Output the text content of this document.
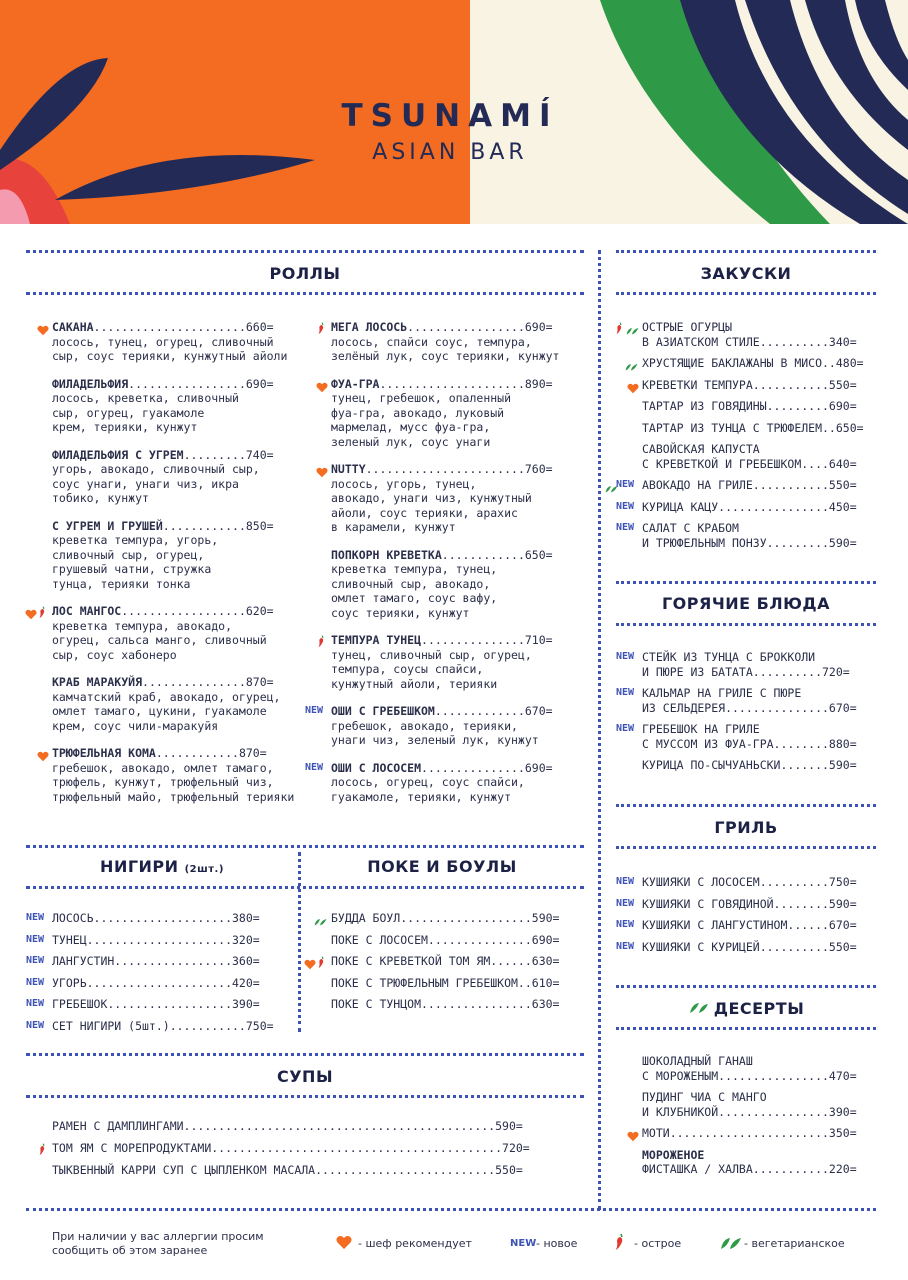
TSUNAMÍ
ASIAN BAR
РОЛЛЫ	ЗАКУСКИ
ГОРЯЧИЕ БЛЮДА
ГРИЛЬ
НИГИРИ (2шт.)	ПОКЕ И БОУЛЫ
СУПЫ
ДЕСЕРТЫ
САКАНА......................660=
лосось, тунец, огурец, сливочный
сыр, соус терияки, кунжутный айоли
ФИЛАДЕЛЬФИЯ.................690=
лосось, креветка, сливочный
сыр, огурец, гуакамоле
крем, терияки, кунжут
ФИЛАДЕЛЬФИЯ С УГРЕМ.........740=
угорь, авокадо, сливочный сыр,
соус унаги, унаги чиз, икра
тобико, кунжут
С УГРЕМ И ГРУШЕЙ............850=
креветка темпура, угорь,
сливочный сыр, огурец,
грушевый чатни, стружка
тунца, терияки тонка
ЛОС МАНГОС..................620=
креветка темпура, авокадо,
огурец, сальса манго, сливочный
сыр, соус хабонеро
КРАБ МАРАКУЙЯ...............870=
камчатский краб, авокадо, огурец,
омлет тамаго, цукини, гуакамоле
крем, соус чили-маракуйя
ТРЮФЕЛЬНАЯ КОМА............870=
гребешок, авокадо, омлет тамаго,
трюфель, кунжут, трюфельный чиз,
трюфельный майо, трюфельный терияки
МЕГА ЛОСОСЬ.................690=
лосось, спайси соус, темпура,
зелёный лук, соус терияки, кунжут
ФУА-ГРА.....................890=
тунец, гребешок, опаленный
фуа-гра, авокадо, луковый
мармелад, мусс фуа-гра,
зеленый лук, соус унаги
NUTTY.......................760=
лосось, угорь, тунец,
авокадо, унаги чиз, кунжутный
айоли, соус терияки, арахис
в карамели, кунжут
ПОПКОРН КРЕВЕТКА............650=
креветка темпура, тунец,
сливочный сыр, авокадо,
омлет тамаго, соус вафу,
соус терияки, кунжут
ТЕМПУРА ТУНЕЦ...............710=
тунец, сливочный сыр, огурец,
темпура, соусы спайси,
кунжутный айоли, терияки
NEW ОШИ С ГРЕБЕШКОМ.............670=
гребешок, авокадо, терияки,
унаги чиз, зеленый лук, кунжут
NEW ОШИ С ЛОСОСЕМ...............690=
лосось, огурец, соус спайси,
гуакамоле, терияки, кунжут
NEW ЛОСОСЬ....................380=
NEW ТУНЕЦ.....................320=
NEW ЛАНГУСТИН.................360=
NEW УГОРЬ.....................420=
NEW ГРЕБЕШОК..................390=
NEW СЕТ НИГИРИ (5шт.)...........750=
БУДДА БОУЛ...................590=
ПОКЕ С ЛОСОСЕМ...............690=
ПОКЕ С КРЕВЕТКОЙ ТОМ ЯМ......630=
ПОКЕ С ТРЮФЕЛЬНЫМ ГРЕБЕШКОМ..610=
ПОКЕ С ТУНЦОМ................630=
РАМЕН С ДАМПЛИНГАМИ.............................................590=
ТОМ ЯМ С МОРЕПРОДУКТАМИ..........................................720=
ТЫКВЕННЫЙ КАРРИ СУП С ЦЫПЛЕНКОМ МАСАЛА..........................550=
ОСТРЫЕ ОГУРЦЫ
В АЗИАТСКОМ СТИЛЕ..........340=
ХРУСТЯЩИЕ БАКЛАЖАНЫ В МИСО..480=
КРЕВЕТКИ ТЕМПУРА...........550=
ТАРТАР ИЗ ГОВЯДИНЫ.........690=
ТАРТАР ИЗ ТУНЦА С ТРЮФЕЛЕМ..650=
САВОЙСКАЯ КАПУСТА
С КРЕВЕТКОЙ И ГРЕБЕШКОМ....640=
NEW АВОКАДО НА ГРИЛЕ...........550=
NEW КУРИЦА КАЦУ................450=
NEW САЛАТ С КРАБОМ
И ТРЮФЕЛЬНЫМ ПОНЗУ.........590=
NEW СТЕЙК ИЗ ТУНЦА С БРОККОЛИ
И ПЮРЕ ИЗ БАТАТА..........720=
NEW КАЛЬМАР НА ГРИЛЕ С ПЮРЕ
ИЗ СЕЛЬДЕРЕЯ...............670=
NEW ГРЕБЕШОК НА ГРИЛЕ
С МУССОМ ИЗ ФУА-ГРА........880=
КУРИЦА ПО-СЫЧУАНЬСКИ.......590=
NEW КУШИЯКИ С ЛОСОСЕМ..........750=
NEW КУШИЯКИ С ГОВЯДИНОЙ........590=
NEW КУШИЯКИ С ЛАНГУСТИНОМ......670=
NEW КУШИЯКИ С КУРИЦЕЙ..........550=
ШОКОЛАДНЫЙ ГАНАШ
С МОРОЖЕНЫМ................470=
ПУДИНГ ЧИА С МАНГО
И КЛУБНИКОЙ................390=
МОТИ.......................350=
МОРОЖЕНОЕ
ФИСТАШКА / ХАЛВА...........220=
При наличии у вас аллергии просим
сообщить об этом заранее
- шеф рекомендует	NEW - новое	- острое	- вегетарианское
